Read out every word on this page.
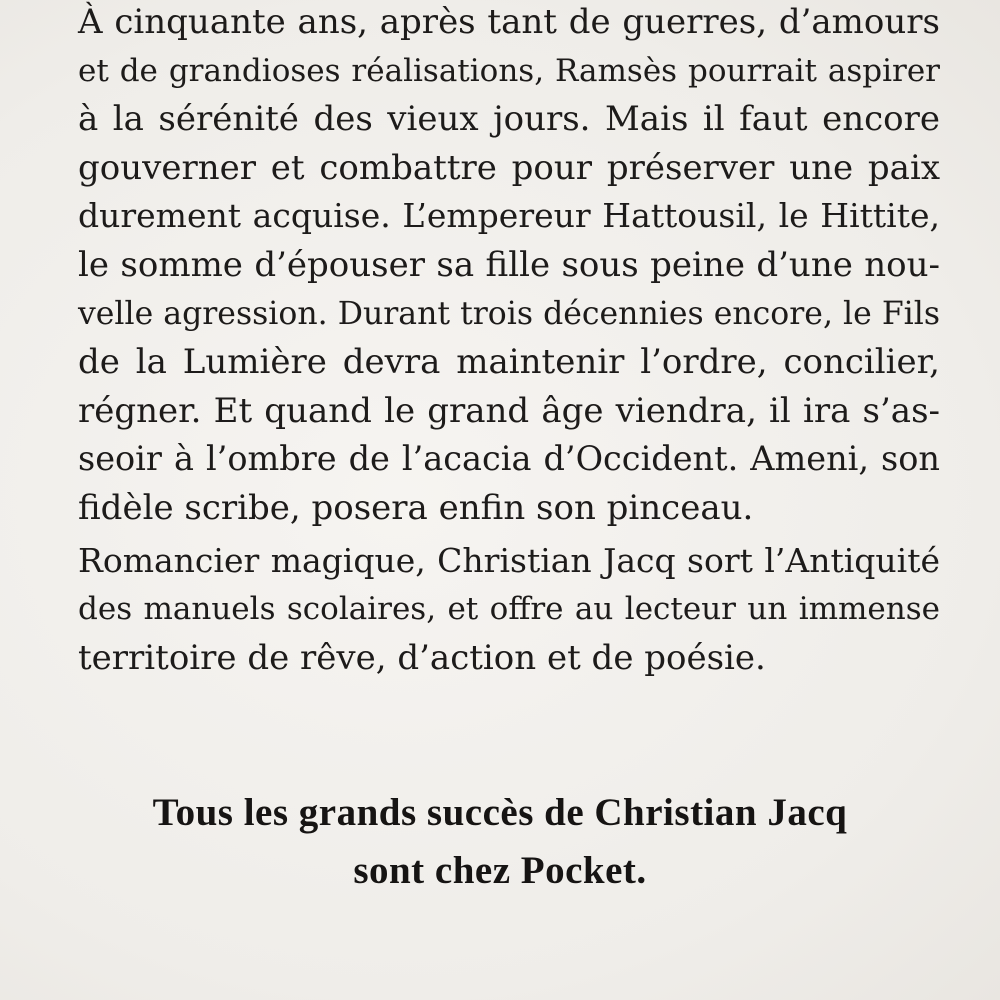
À cinquante ans, après tant de guerres, d’amours
et de grandioses réalisations, Ramsès pourrait aspirer
à la sérénité des vieux jours. Mais il faut encore
gouverner et combattre pour préserver une paix
durement acquise. L’empereur Hattousil, le Hittite,
le somme d’épouser sa fille sous peine d’une nou-
velle agression. Durant trois décennies encore, le Fils
de la Lumière devra maintenir l’ordre, concilier,
régner. Et quand le grand âge viendra, il ira s’as-
seoir à l’ombre de l’acacia d’Occident. Ameni, son
fidèle scribe, posera enfin son pinceau.
Romancier magique, Christian Jacq sort l’Antiquité
des manuels scolaires, et offre au lecteur un immense
territoire de rêve, d’action et de poésie.
Tous les grands succès de Christian Jacq
sont chez Pocket.
